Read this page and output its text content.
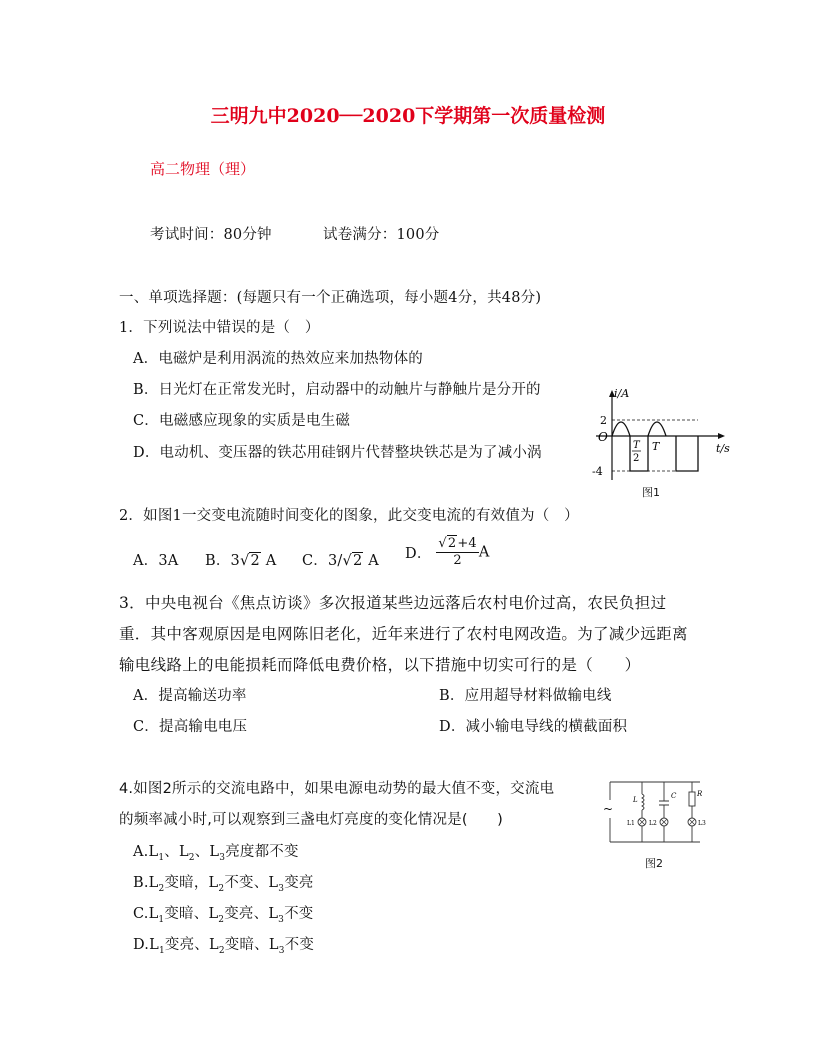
三明九中2020──2020下学期第一次质量检测
高二物理（理）
考试时间：80分钟	试卷满分：100分
一、单项选择题：(每题只有一个正确选项，每小题4分，共48分)
1．下列说法中错误的是（　）
A．电磁炉是利用涡流的热效应来加热物体的
B．日光灯在正常发光时，启动器中的动触片与静触片是分开的
C．电磁感应现象的实质是电生磁
D．电动机、变压器的铁芯用硅钢片代替整块铁芯是为了减小涡
i/A
t/s
2
-4
O
T
2
T
图1
2．如图1一交变电流随时间变化的图象，此交变电流的有效值为（　）
A．3A B．3√2 A C．3/√2 A D． $\frac{√2+4}{2}$ A
3．中央电视台《焦点访谈》多次报道某些边远落后农村电价过高，农民负担过
重．其中客观原因是电网陈旧老化，近年来进行了农村电网改造。为了减少远距离
输电线路上的电能损耗而降低电费价格，以下措施中切实可行的是（　　）
A．提高输送功率	B．应用超导材料做输电线
C．提高输电电压	D．减小输电导线的横截面积
4.如图2所示的交流电路中，如果电源电动势的最大值不变，交流电
的频率减小时,可以观察到三盏电灯亮度的变化情况是(　　)
$A.L_1$、$L_2$、$L_3$亮度都不变
$B.L_2$变暗，$L_2$不变、$L_3$变亮
$C.L_1$变暗、$L_2$变亮、$L_3$不变
$D.L_1$变亮、$L_2$变暗、$L_3$不变
~
L	C	R
L1 L2	L3
图2
